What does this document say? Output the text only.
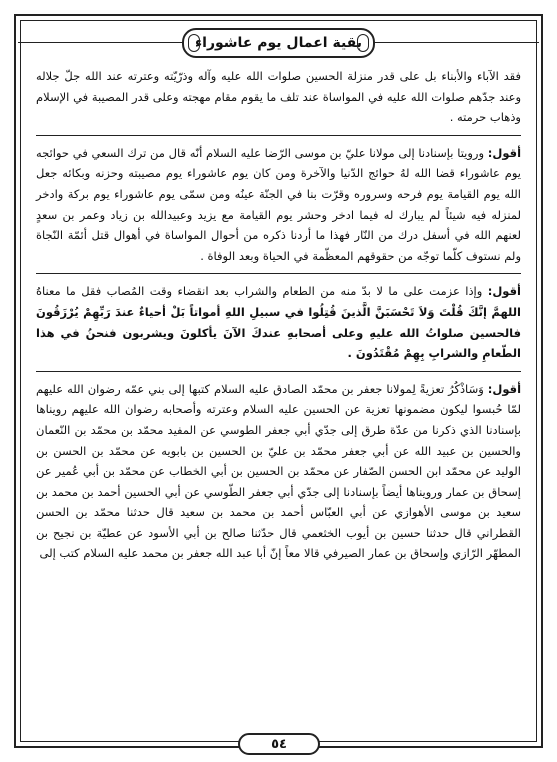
بقية اعمال يوم عاشوراء

فقد الآباء والأبناء بل على قدر منزلة الحسين صلوات الله عليه وآله وذرّيّته وعترته عند الله جلّ جلاله وعند جدّهم صلوات الله عليه في المواساة عند تلف ما يقوم مقام مهجته وعلى قدر المصيبة في الإسلام وذهاب حرمته .

أقول: ورويتا بإسنادنا إلى مولانا عليّ بن موسى الرّضا عليه السلام أنّه قال من ترك السعي في حوائجه يوم عاشوراء قضا الله لهُ حوائج الدّنيا والآخرة ومن كان يوم عاشوراء يوم مصيبته وحزنه وبكائه جعل الله يوم القيامة يوم فرحه وسروره وقرّت بنا في الجنّة عينُه ومن سمّى يوم عاشوراء يوم بركة وادخر لمنزله فيه شيئاً لم يبارك له فيما ادخر وحشر يوم القيامة مع يزيد وعبيدالله بن زياد وعمر بن سعدٍ لعنهم الله في أسفل درك من النّار فهذا ما أردنا ذكره من أحوال المواساة في أهوال قتل أئمّة النّجاة ولم نستوف كلّما توجّه من حقوقهم المعظّمة في الحياة وبعد الوفاة .

أقول: وإذا عزمت على ما لا بدّ منه من الطعام والشراب بعد انقضاء وقت المُصاب فقل ما معناهُ اللهمَّ إنَّكَ قُلْتَ وَلاَ تَحْسَبَنَّ الَّذينَ قُتِلُوا في سبيلِ اللهِ أمواتاً بَلْ أحياءٌ عندَ رَبِّهِمْ يُرْزَقُونَ فالحسين صلواتُ الله عليهِ وعلى أصحابهِ عندكَ الآنَ يأكلونَ ويشربون فنحنُ في هذا الطّعامِ والشرابِ بِهِمْ مُقْتَدُونَ .

أقول: وَسَاذْكُرُ تعزيةً لِمولانا جعفر بن محمّد الصادق عليه السلام كتبها إلى بني عمّه رضوان الله عليهم لمّا حُبسوا ليكون مضمونها تعزية عن الحسين عليه السلام وعترته وأصحابه رضوان الله عليهم رويناها بإسنادنا الذي ذكرنا من عدّة طرق إلى جدّي أبي جعفر الطوسي عن المفيد محمّد بن محمّد بن النّعمان والحسين بن عبيد الله عن أبي جعفر محمّد بن عليّ بن الحسين بن بابويه عن محمّد بن الحسن بن الوليد عن محمّد ابن الحسن الصّفار عن محمّد بن الحسين بن أبي الخطاب عن محمّد بن أبي عُمير عن إسحاق بن عمار ورويناها أيضاً بإسنادنا إلى جدّي أبي جعفر الطّوسي عن أبي الحسين أحمد بن محمد بن سعيد بن موسى الأهوازي عن أبي العبّاس أحمد بن محمد بن سعيد قال حدثنا محمّد بن الحسن القطراني قال حدثنا حسين بن أيوب الخثعمي قال حدّثنا صالح بن أبي الأسود عن عطيّة بن نجيح بن المطهّر الرّازي وإسحاق بن عمار الصيرفي قالا معاً إنّ أبا عبد الله جعفر بن محمد عليه السلام كتب إلى

٥٤
